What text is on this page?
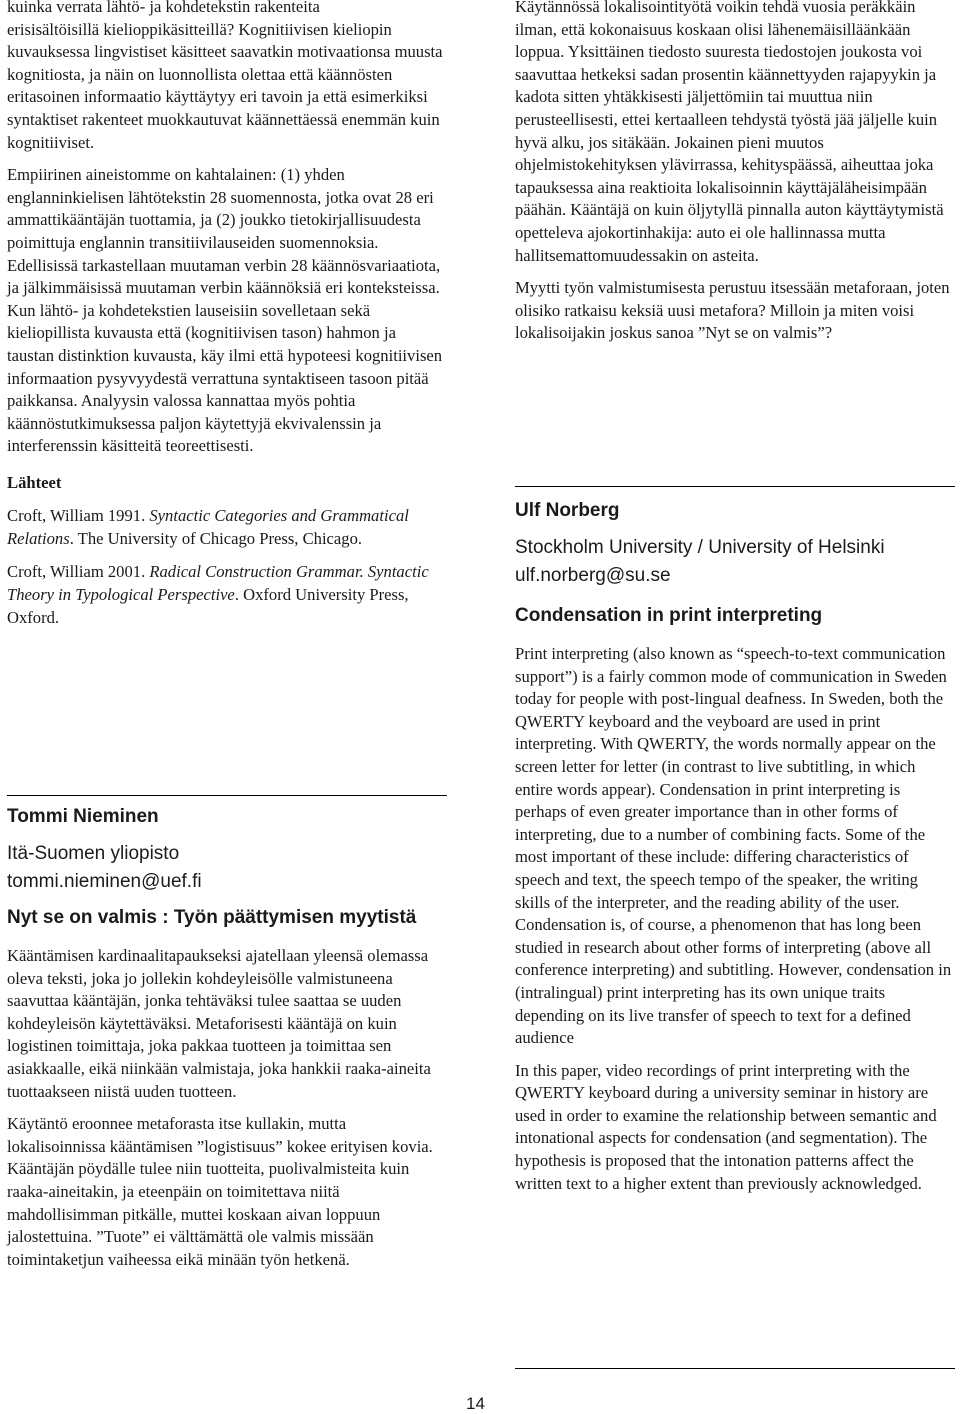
kuinka verrata lähtö- ja kohdetekstin rakenteita
erisisältöisillä kielioppikäsitteillä? Kognitiivisen kieliopin kuvauksessa lingvistiset käsitteet saavatkin motivaationsa muusta kognitiosta, ja näin on luonnollista olettaa että käännösten eritasoinen informaatio käyttäytyy eri tavoin ja että esimerkiksi syntaktiset rakenteet muokkautuvat käännettäessä enemmän kuin kognitiiviset.

Empiirinen aineistomme on kahtalainen: (1) yhden englanninkielisen lähtötekstin 28 suomennosta, jotka ovat 28 eri ammattikääntäjän tuottamia, ja (2) joukko tietokirjallisuudesta poimittuja englannin transitiivilauseiden suomennoksia. Edellisissä tarkastellaan muutaman verbin 28 käännösvariaatiota, ja jälkimmäisissä muutaman verbin käännöksiä eri konteksteissa. Kun lähtö- ja kohdetekstien lauseisiin sovelletaan sekä kieliopillista kuvausta että (kognitiivisen tason) hahmon ja taustan distinktion kuvausta, käy ilmi että hypoteesi kognitiivisen informaation pysyvyydestä verrattuna syntaktiseen tasoon pitää paikkansa. Analyysin valossa kannattaa myös pohtia käännöstutkimuksessa paljon käytettyjä ekvivalenssin ja interferenssin käsitteitä teoreettisesti.

Lähteet

Croft, William 1991. Syntactic Categories and Grammatical Relations. The University of Chicago Press, Chicago.

Croft, William 2001. Radical Construction Grammar. Syntactic Theory in Typological Perspective. Oxford University Press, Oxford.

Tommi Nieminen

Itä-Suomen yliopisto

tommi.nieminen@uef.fi

Nyt se on valmis : Työn päättymisen myytistä

Kääntämisen kardinaalitapaukseksi ajatellaan yleensä olemassa oleva teksti, joka jo jollekin kohdeyleisölle valmistuneena saavuttaa kääntäjän, jonka tehtäväksi tulee saattaa se uuden kohdeyleisön käytettäväksi. Metaforisesti kääntäjä on kuin logistinen toimittaja, joka pakkaa tuotteen ja toimittaa sen asiakkaalle, eikä niinkään valmistaja, joka hankkii raaka-aineita tuottaakseen niistä uuden tuotteen.

Käytäntö eroonnee metaforasta itse kullakin, mutta lokalisoinnissa kääntämisen ”logistisuus” kokee erityisen kovia. Kääntäjän pöydälle tulee niin tuotteita, puolivalmisteita kuin raaka-aineitakin, ja eteenpäin on toimitettava niitä mahdollisimman pitkälle, muttei koskaan aivan loppuun jalostettuina. ”Tuote” ei välttämättä ole valmis missään toimintaketjun vaiheessa eikä minään työn hetkenä.

Käytännössä lokalisointityötä voikin tehdä vuosia peräkkäin ilman, että kokonaisuus koskaan olisi lähenemäisilläänkään loppua. Yksittäinen tiedosto suuresta tiedostojen joukosta voi saavuttaa hetkeksi sadan prosentin käännettyyden rajapyykin ja kadota sitten yhtäkkisesti jäljettömiin tai muuttua niin perusteellisesti, ettei kertaalleen tehdystä työstä jää jäljelle kuin hyvä alku, jos sitäkään. Jokainen pieni muutos ohjelmistokehityksen ylävirrassa, kehityspäässä, aiheuttaa joka tapauksessa aina reaktioita lokalisoinnin käyttäjäläheisimpään päähän. Kääntäjä on kuin öljytyllä pinnalla auton käyttäytymistä opetteleva ajokortinhakija: auto ei ole hallinnassa mutta hallitsemattomuudessakin on asteita.

Myytti työn valmistumisesta perustuu itsessään metaforaan, joten olisiko ratkaisu keksiä uusi metafora? Milloin ja miten voisi lokalisoijakin joskus sanoa ”Nyt se on valmis”?

Ulf Norberg

Stockholm University / University of Helsinki

ulf.norberg@su.se

Condensation in print interpreting

Print interpreting (also known as “speech-to-text communication support”) is a fairly common mode of communication in Sweden today for people with post-lingual deafness. In Sweden, both the QWERTY keyboard and the veyboard are used in print interpreting. With QWERTY, the words normally appear on the screen letter for letter (in contrast to live subtitling, in which entire words appear). Condensation in print interpreting is perhaps of even greater importance than in other forms of interpreting, due to a number of combining facts. Some of the most important of these include: differing characteristics of speech and text, the speech tempo of the speaker, the writing skills of the interpreter, and the reading ability of the user. Condensation is, of course, a phenomenon that has long been studied in research about other forms of interpreting (above all conference interpreting) and subtitling. However, condensation in (intralingual) print interpreting has its own unique traits depending on its live transfer of speech to text for a defined audience

In this paper, video recordings of print interpreting with the QWERTY keyboard during a university seminar in history are used in order to examine the relationship between semantic and intonational aspects for condensation (and segmentation). The hypothesis is proposed that the intonation patterns affect the written text to a higher extent than previously acknowledged.

14
